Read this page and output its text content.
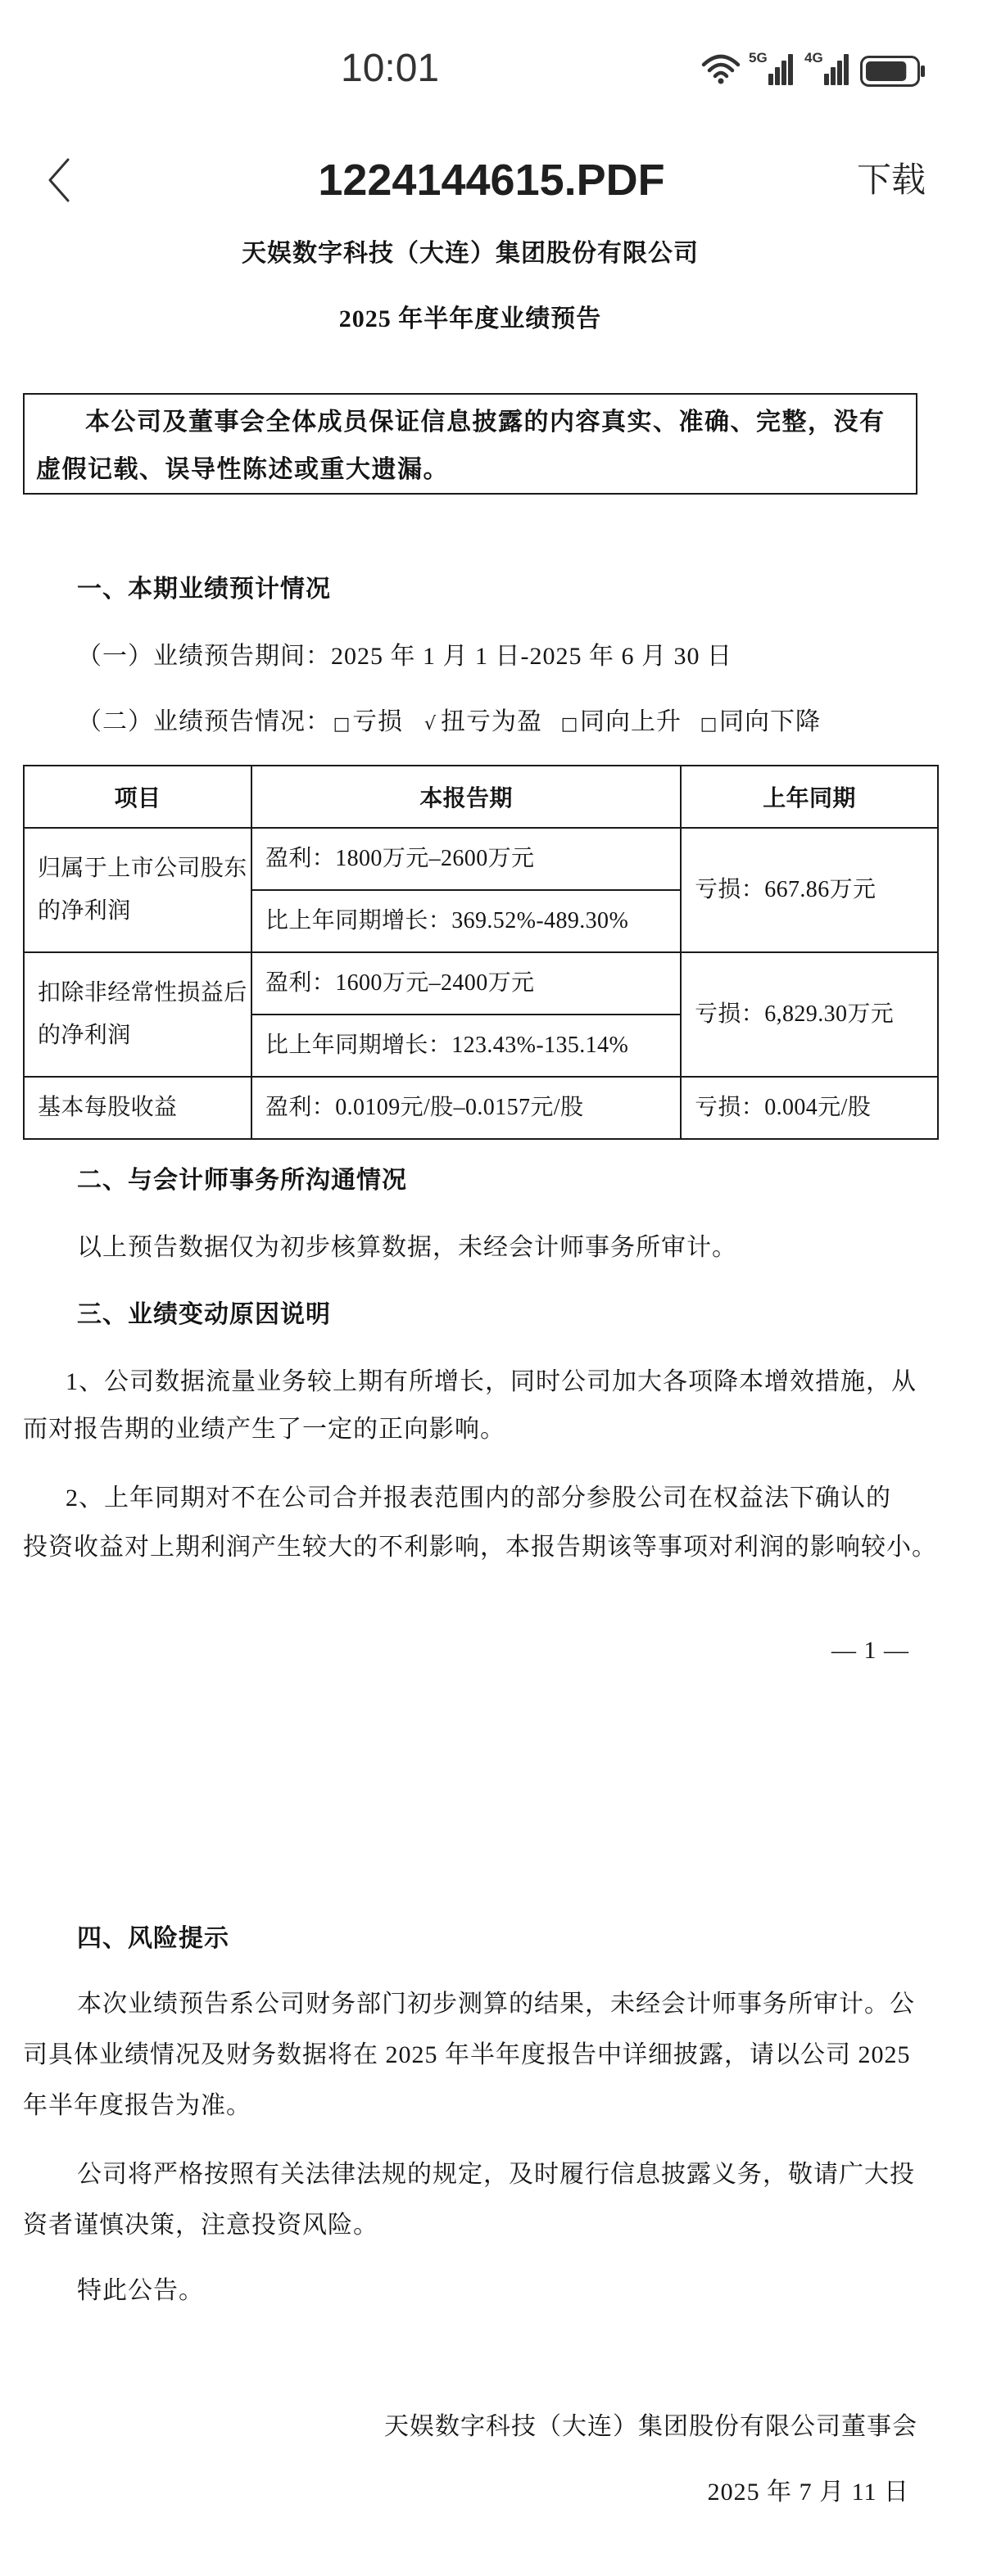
10:01	5G	4G
1224144615.PDF	下载
天娱数字科技（大连）集团股份有限公司
2025 年半年度业绩预告
本公司及董事会全体成员保证信息披露的内容真实、准确、完整，没有
虚假记载、误导性陈述或重大遗漏。
一、本期业绩预计情况
（一）业绩预告期间：2025 年 1 月 1 日-2025 年 6 月 30 日
（二）业绩预告情况： □ 亏损 √ 扭亏为盈 □ 同向上升 □ 同向下降
项目	本报告期	上年同期

归属于上市公司股东
的净利润	盈利：1800万元–2600万元	亏损：667.86万元
	比上年同期增长：369.52%-489.30%	

扣除非经常性损益后
的净利润	盈利：1600万元–2400万元	亏损：6,829.30万元
	比上年同期增长：123.43%-135.14%	
基本每股收益	盈利：0.0109元/股–0.0157元/股	亏损：0.004元/股
二、与会计师事务所沟通情况
以上预告数据仅为初步核算数据，未经会计师事务所审计。
三、业绩变动原因说明
1、公司数据流量业务较上期有所增长，同时公司加大各项降本增效措施，从
而对报告期的业绩产生了一定的正向影响。
2、上年同期对不在公司合并报表范围内的部分参股公司在权益法下确认的
投资收益对上期利润产生较大的不利影响，本报告期该等事项对利润的影响较小。
— 1 —
四、风险提示
本次业绩预告系公司财务部门初步测算的结果，未经会计师事务所审计。公
司具体业绩情况及财务数据将在 2025 年半年度报告中详细披露，请以公司 2025
年半年度报告为准。
公司将严格按照有关法律法规的规定，及时履行信息披露义务，敬请广大投
资者谨慎决策，注意投资风险。
特此公告。
天娱数字科技（大连）集团股份有限公司董事会
2025 年 7 月 11 日
